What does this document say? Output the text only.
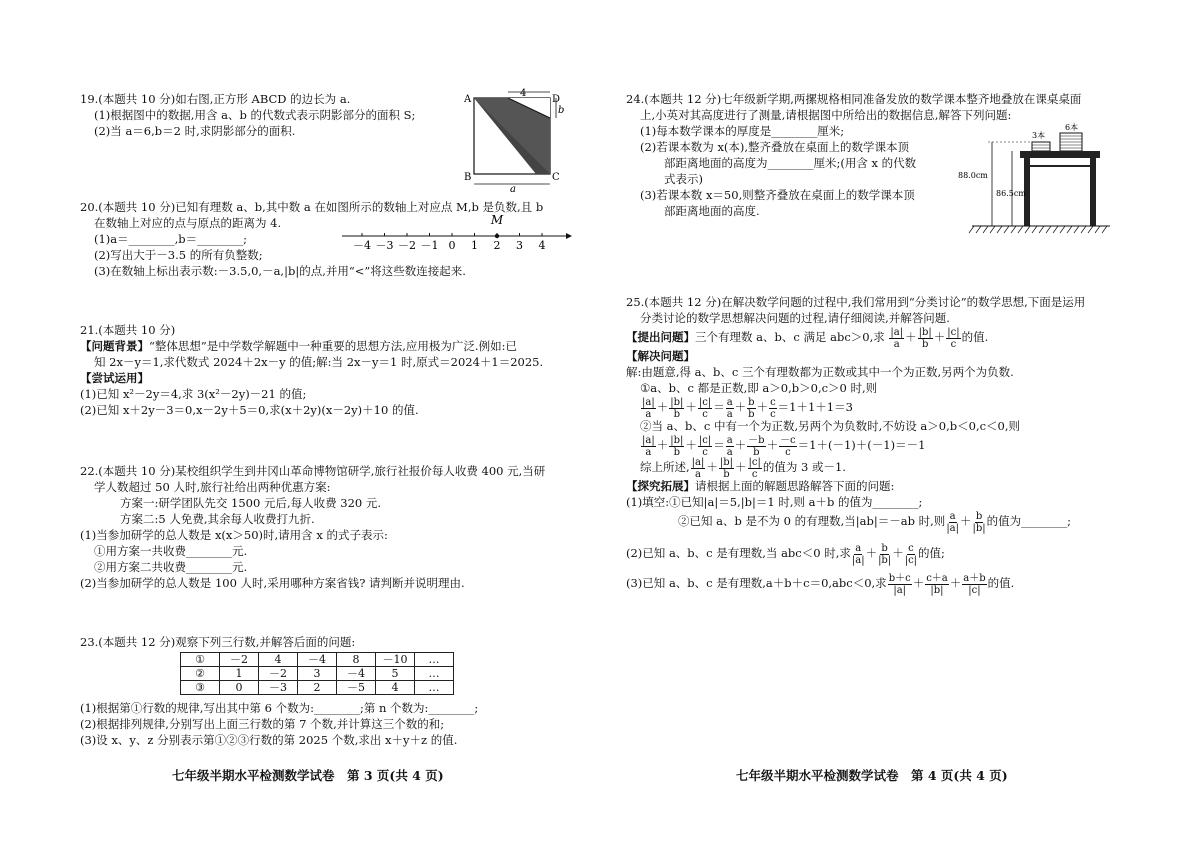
19.(本题共 10 分)如右图,正方形 ABCD 的边长为 a.
(1)根据图中的数据,用含 a、b 的代数式表示阴影部分的面积 S;
(2)当 a＝6,b＝2 时,求阴影部分的面积.
4
b
a
A
B	C
D
20.(本题共 10 分)已知有理数 a、b,其中数 a 在如图所示的数轴上对应点 M,b 是负数,且 b
在数轴上对应的点与原点的距离为 4.
(1)a＝________,b＝________;
(2)写出大于－3.5 的所有负整数;
(3)在数轴上标出表示数:－3.5,0,－a,|b|的点,并用“<”将这些数连接起来.
－4 －3 －2 －1 0 1 2 3 4
M
21.(本题共 10 分)
【问题背景】“整体思想”是中学数学解题中一种重要的思想方法,应用极为广泛.例如:已
知 2x－y＝1,求代数式 2024＋2x－y 的值;解:当 2x－y＝1 时,原式＝2024＋1＝2025.
【尝试运用】
(1)已知 x²－2y＝4,求 3(x²－2y)－21 的值;
(2)已知 x＋2y－3＝0,x－2y＋5＝0,求(x＋2y)(x－2y)＋10 的值.
22.(本题共 10 分)某校组织学生到井冈山革命博物馆研学,旅行社报价每人收费 400 元,当研
学人数超过 50 人时,旅行社给出两种优惠方案:
方案一:研学团队先交 1500 元后,每人收费 320 元.
方案二:5 人免费,其余每人收费打九折.
(1)当参加研学的总人数是 x(x＞50)时,请用含 x 的式子表示:
①用方案一共收费________元.
②用方案二共收费________元.
(2)当参加研学的总人数是 100 人时,采用哪种方案省钱? 请判断并说明理由.
23.(本题共 12 分)观察下列三行数,并解答后面的问题:
①	－2	4	－4	8	－10	…
②	1	－2	3	－4	5	…
③	0	－3	2	－5	4	…
(1)根据第①行数的规律,写出其中第 6 个数为:________;第 n 个数为:________;
(2)根据排列规律,分别写出上面三行数的第 7 个数,并计算这三个数的和;
(3)设 x、y、z 分别表示第①②③行数的第 2025 个数,求出 x＋y＋z 的值.
七年级半期水平检测数学试卷　第 3 页(共 4 页)
24.(本题共 12 分)七年级新学期,两摞规格相同准备发放的数学课本整齐地叠放在课桌桌面
上,小英对其高度进行了测量,请根据图中所给出的数据信息,解答下列问题:
(1)每本数学课本的厚度是________厘米;
(2)若课本数为 x(本),整齐叠放在桌面上的数学课本顶
部距离地面的高度为________厘米;(用含 x 的代数
式表示)
(3)若课本数 x＝50,则整齐叠放在桌面上的数学课本顶
部距离地面的高度.
3本
6本
88.0cm
86.5cm
25.(本题共 12 分)在解决数学问题的过程中,我们常用到“分类讨论”的数学思想,下面是运用
分类讨论的数学思想解决问题的过程,请仔细阅读,并解答问题.
【提出问题】三个有理数 a、b、c 满足 abc＞0,求 $\frac{|a|}{a} + \frac{|b|}{b} + \frac{|c|}{c}$ 的值.
【解决问题】
解:由题意,得 a、b、c 三个有理数都为正数或其中一个为正数,另两个为负数.
①a、b、c 都是正数,即 a＞0,b＞0,c＞0 时,则
$\frac{|a|}{a} + \frac{|b|}{b} + \frac{|c|}{c} = \frac{a}{a} + \frac{b}{b} + \frac{c}{c} =1+1+1=3$
②当 a、b、c 中有一个为正数,另两个为负数时,不妨设 a＞0,b＜0,c＜0,则
$\frac{|a|}{a} + \frac{|b|}{b} + \frac{|c|}{c} = \frac{a}{a} + \frac{-b}{b} + \frac{-c}{c} =1+(-1)+(-1)=-1$
综上所述, $\frac{|a|}{a} + \frac{|b|}{b} + \frac{|c|}{c}$ 的值为 3 或－1.
【探究拓展】请根据上面的解题思路解答下面的问题:
(1)填空:①已知|a|＝5,|b|＝1 时,则 a＋b 的值为________;
②已知 a、b 是不为 0 的有理数,当|ab|＝－ab 时,则 $\frac{a}{|a|} + \frac{b}{|b|}$ 的值为________;
(2)已知 a、b、c 是有理数,当 abc＜0 时,求 $\frac{a}{|a|} + \frac{b}{|b|} + \frac{c}{|c|}$ 的值;
(3)已知 a、b、c 是有理数,a＋b＋c＝0,abc＜0,求 $\frac{b+c}{|a|} + \frac{c+a}{|b|} + \frac{a+b}{|c|}$ 的值.
七年级半期水平检测数学试卷　第 4 页(共 4 页)
